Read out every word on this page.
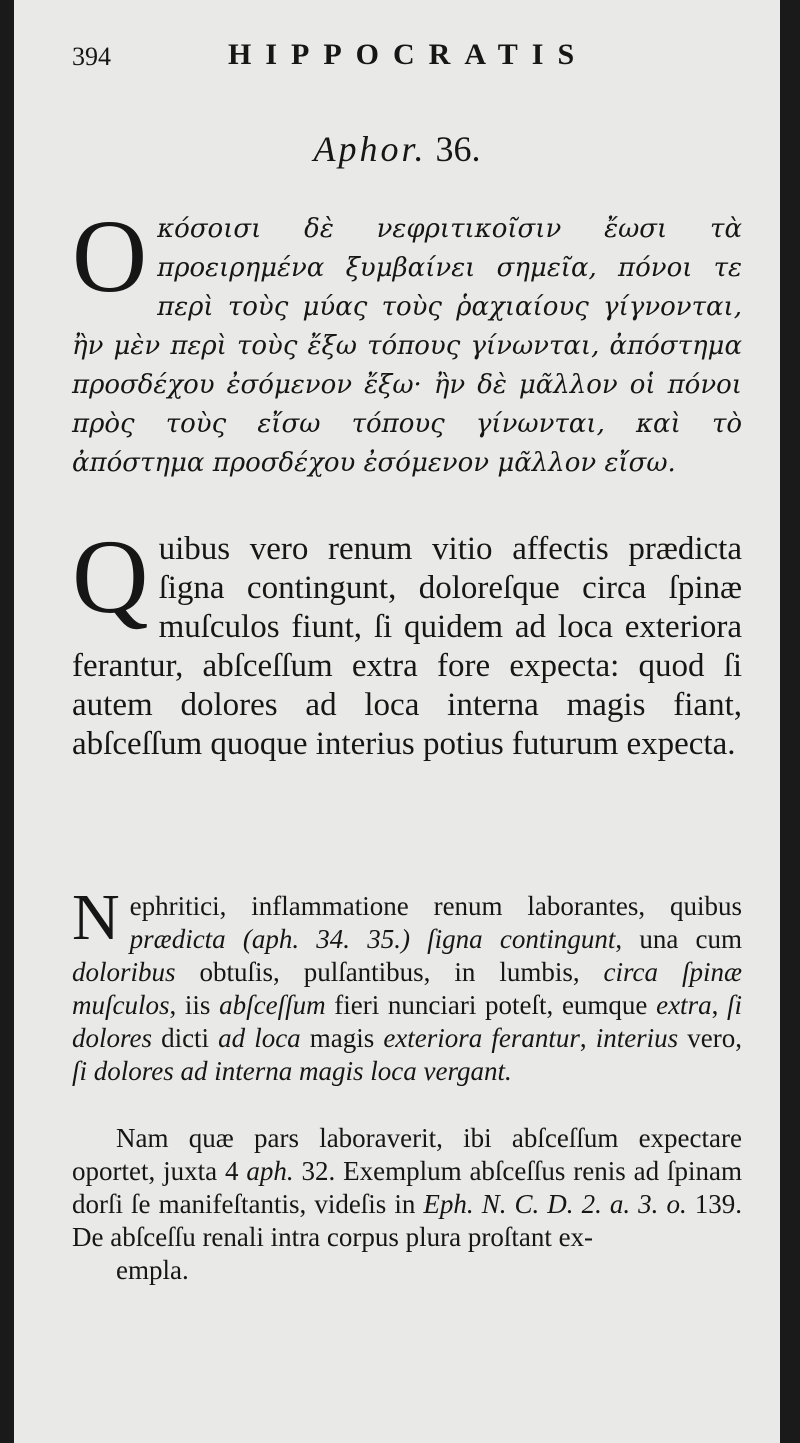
394	HIPPOCRATIS
Aphor. 36.

Oκόσοισι δὲ νεφριτικοῖσιν ἔωσι τὰ προειρημένα ξυμβαίνει σημεῖα, πόνοι τε περὶ τοὺς μύας τοὺς ῥαχιαίους γίγνονται, ἢν μὲν περὶ τοὺς ἔξω τόπους γίνωνται, ἀπόστημα προσδέχου ἐσόμενον ἔξω· ἢν δὲ μᾶλλον οἱ πόνοι πρὸς τοὺς εἴσω τόπους γίνωνται, καὶ τὸ ἀπόστημα προσδέχου ἐσόμενον μᾶλλον εἴσω.

Quibus vero renum vitio affectis prædicta ſigna contingunt, doloreſque circa ſpinæ muſculos fiunt, ſi quidem ad loca exteriora ferantur, abſceſſum extra fore expecta: quod ſi autem dolores ad loca interna magis fiant, abſceſſum quoque interius potius futurum expecta.

Nephritici, inflammatione renum laborantes, quibus prædicta (aph. 34. 35.) ſigna contingunt, una cum doloribus obtuſis, pulſantibus, in lumbis, circa ſpinæ muſculos, iis abſceſſum fieri nunciari poteſt, eumque extra, ſi dolores dicti ad loca magis exteriora ferantur, interius vero, ſi dolores ad interna magis loca vergant.

Nam quæ pars laboraverit, ibi abſceſſum expectare oportet, juxta 4 aph. 32. Exemplum abſceſſus renis ad ſpinam dorſi ſe manifeſtantis, videſis in Eph. N. C. D. 2. a. 3. o. 139. De abſceſſu renali intra corpus plura proſtant ex-
empla.
